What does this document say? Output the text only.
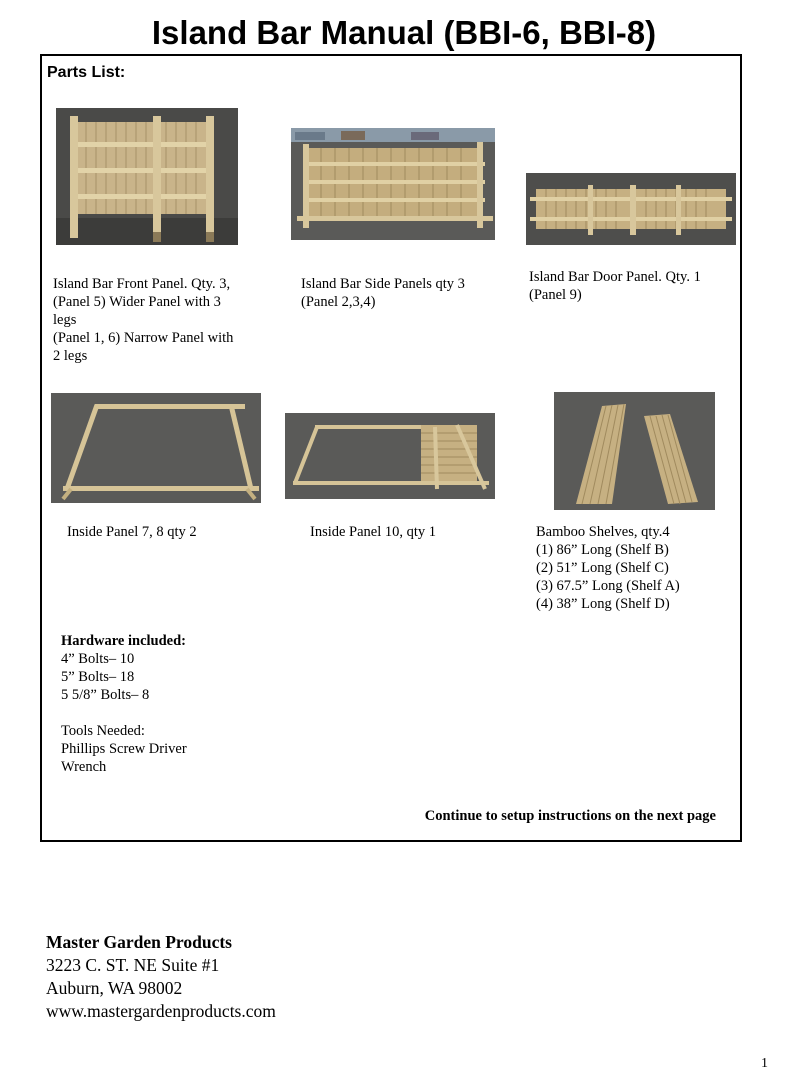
Island Bar Manual (BBI-6, BBI-8)
Parts List:
Island Bar Front Panel. Qty. 3,
(Panel 5) Wider Panel with 3
legs
(Panel 1, 6) Narrow Panel with
2 legs
Island Bar Side Panels qty 3
(Panel 2,3,4)
Island Bar Door Panel. Qty. 1
(Panel 9)
Inside Panel 7, 8 qty 2	Inside Panel 10, qty 1	Bamboo Shelves, qty.4
(1) 86” Long (Shelf B)
(2) 51” Long (Shelf C)
(3) 67.5” Long (Shelf A)
(4) 38” Long (Shelf D)
Hardware included:
4” Bolts– 10
5” Bolts– 18
5 5/8” Bolts– 8
Tools Needed:
Phillips Screw Driver
Wrench
Continue to setup instructions on the next page
Master Garden Products
3223 C. ST. NE Suite #1
Auburn, WA 98002
www.mastergardenproducts.com
1
